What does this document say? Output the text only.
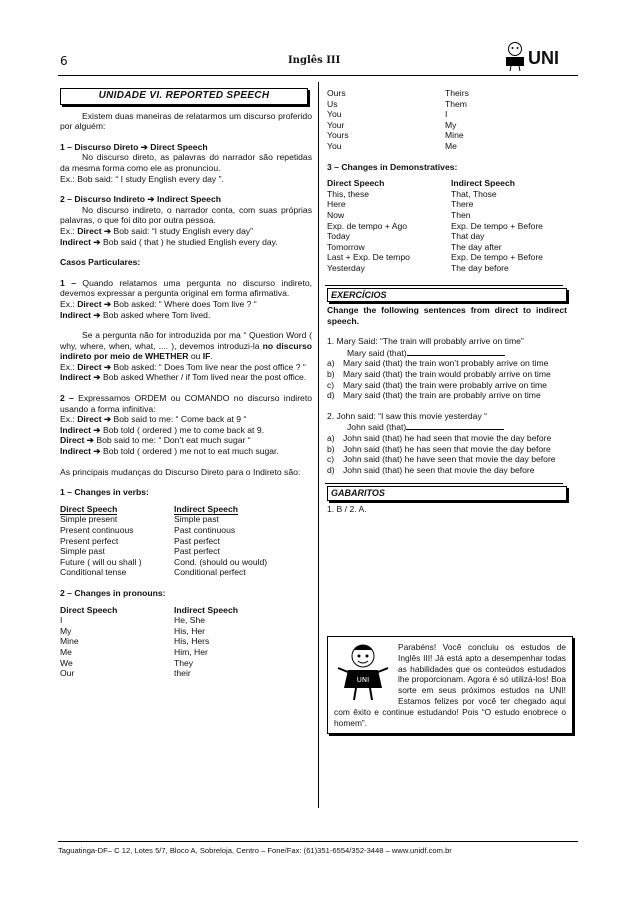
6	Inglês III	UNI
UNIDADE VI. REPORTED SPEECH

Existem duas maneiras de relatarmos um discurso proferido por alguém:

1 – Discurso Direto ➔ Direct Speech

No discurso direto, as palavras do narrador são repetidas da mesma forma como ele as pronunciou.

Ex.: Bob said: “ I study English every day ”.

2 – Discurso Indireto ➔ Indirect Speech

No discurso indireto, o narrador conta, com suas próprias palavras, o que foi dito por outra pessoa.

Ex.: Direct ➔ Bob said: “I study English every day”

Indirect ➔ Bob said ( that ) he studied English every day.

Casos Particulares:

1 – Quando relatamos uma pergunta no discurso indireto, devemos expressar a pergunta original em forma afirmativa.

Ex.: Direct ➔ Bob asked: “ Where does Tom live ? “

Indirect ➔ Bob asked where Tom lived.

Se a pergunta não for introduzida por ma “ Question Word ( why, where, when, what, .... ), devemos introduzi-la no discurso indireto por meio de WHETHER ou IF.

Ex.: Direct ➔ Bob asked: “ Does Tom live near the post office ? “

Indirect ➔ Bob asked Whether / if Tom lived near the post office.

2 – Expressamos ORDEM ou COMANDO no discurso indireto usando a forma infinitiva:

Ex.: Direct ➔ Bob said to me: “ Come back at 9 “

Indirect ➔ Bob told ( ordered ) me to come back at 9.

Direct ➔ Bob said to me: “ Don’t eat much sugar “

Indirect ➔ Bob told ( ordered ) me not to eat much sugar.

As principais mudanças do Discurso Direto para o Indireto são:

1 – Changes in verbs:

Direct Speech	Indirect Speech
Simple present	Simple past
Present continuous	Past continuous
Present perfect	Past perfect
Simple past	Past perfect
Future ( will ou shall )	Cond. (should ou would)
Conditional tense	Conditional perfect

2 – Changes in pronouns:

Direct Speech	Indirect Speech
I	He, She
My	His, Her
Mine	His, Hers
Me	Him, Her
We	They
Our	their
Ours	Theirs
Us	Them
You	I
Your	My
Yours	Mine
You	Me

3 – Changes in Demonstratives:

Direct Speech	Indirect Speech
This, these	That, Those
Here	There
Now	Then
Exp. de tempo + Ago	Exp. De tempo + Before
Today	That day
Tomorrow	The day after
Last + Exp. De tempo	Exp. De tempo + Before
Yesterday	The day before
EXERCÍCIOS

Change the following sentences from direct to indirect speech.

1. Mary Said: “The train will probably arrive on time”

Mary said (that)

a) Mary said (that) the train won’t probably arrive on time
b) Mary said (that) the train would probably arrive on time
c)	Mary said (that) the train were probably arrive on time
d) Mary said (that) the train are probably arrive on time

2. John said: “I saw this movie yesterday “

John said (that)

a) John said (that) he had seen that movie the day before
b) John said (that) he has seen that movie the day before
c)	John said (that) he have seen that movie the day before
d) John said (that) he seen that movie the day before
GABARITOS

1. B / 2. A.

UNI
Parabéns! Você concluiu os estudos de Inglês III! Já está apto a desempenhar todas as habilidades que os conteúdos estudados lhe proporcionam. Agora é só utilizá-los! Boa sorte em seus próximos estudos na UNI! Estamos felizes por você ter chegado aqui com êxito e continue estudando! Pois “O estudo enobrece o homem”.
Taguatinga-DF– C 12, Lotes 5/7, Bloco A, Sobreloja, Centro – Fone/Fax: (61)351-6554/352-3448 – www.unidf.com.br
